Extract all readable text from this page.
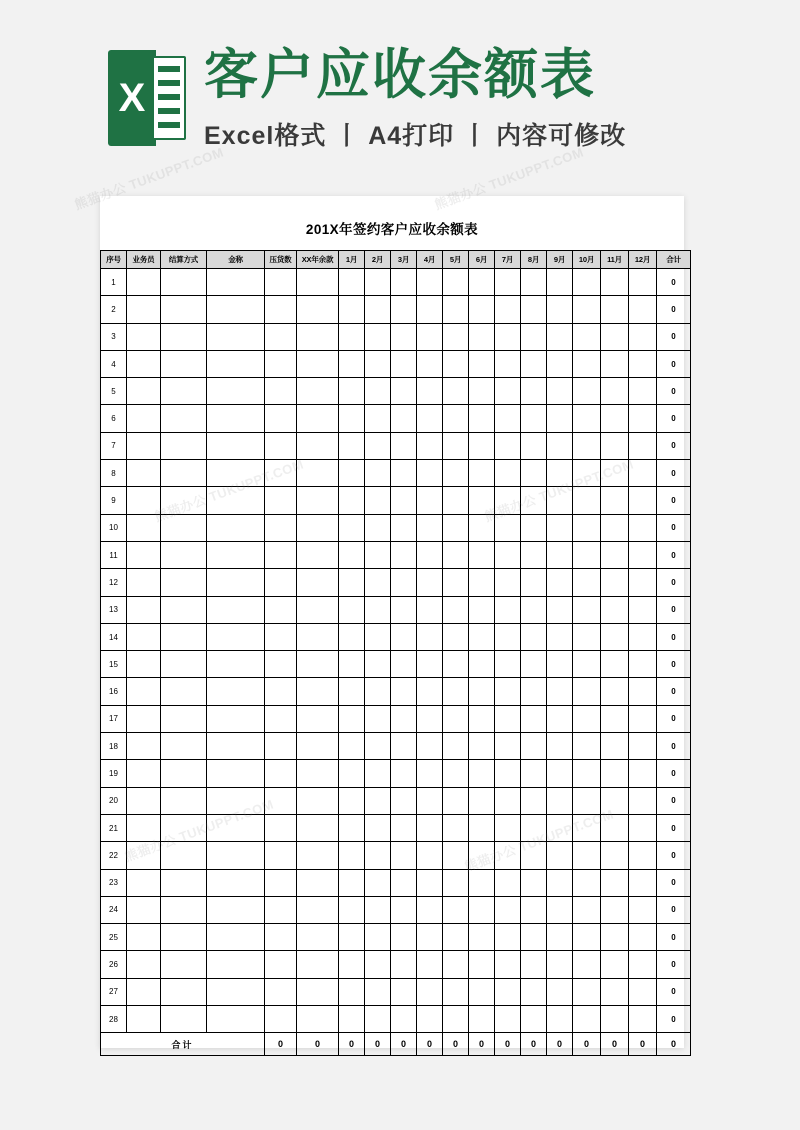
X 客户应收余额表
Excel格式 丨 A4打印 丨 内容可修改
201X年签约客户应收余额表
序号	业务员	结算方式	金称	压货数	XX年余款	1月	2月	3月	4月	5月	6月	7月	8月	9月	10月	11月	12月	合计
1																		0
2																		0
3																		0
4																		0
5																		0
6																		0
7																		0
8																		0
9																		0
10																		0
11																		0
12																		0
13																		0
14																		0
15																		0
16																		0
17																		0
18																		0
19																		0
20																		0
21																		0
22																		0
23																		0
24																		0
25																		0
26																		0
27																		0
28																		0
合计				0	0	0	0	0	0	0	0	0	0	0	0	0	0	0
熊猫办公 TUKUPPT.COM	熊猫办公 TUKUPPT.COM
